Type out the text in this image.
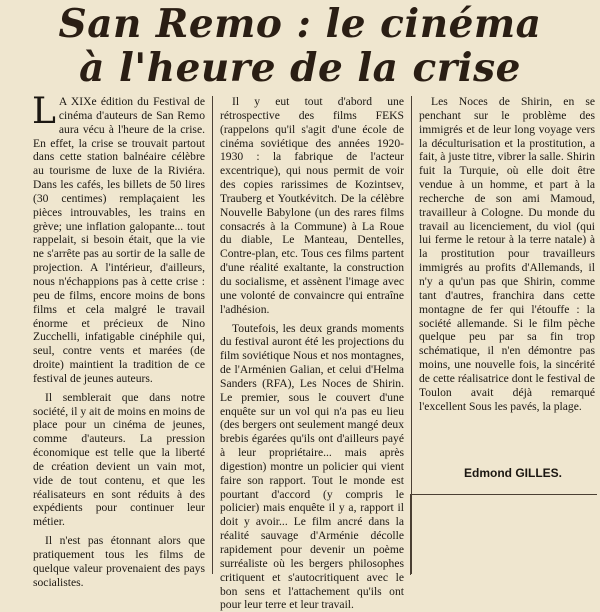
San Remo : le cinéma
à l'heure de la crise

L A XIXe édition du Festival de cinéma d'auteurs de San Remo aura vécu à l'heure de la crise. En effet, la crise se trouvait partout dans cette station balnéaire célèbre au tourisme de luxe de la Riviéra. Dans les cafés, les billets de 50 lires (30 centimes) remplaçaient les pièces introuvables, les trains en grève; une inflation galopante... tout rappelait, si besoin était, que la vie ne s'arrête pas au sortir de la salle de projection. A l'intérieur, d'ailleurs, nous n'échappions pas à cette crise : peu de films, encore moins de bons films et cela malgré le travail énorme et précieux de Nino Zucchelli, infatigable cinéphile qui, seul, contre vents et marées (de droite) maintient la tradition de ce festival de jeunes auteurs.

Il semblerait que dans notre société, il y ait de moins en moins de place pour un cinéma de jeunes, comme d'auteurs. La pression économique est telle que la liberté de création devient un vain mot, vide de tout contenu, et que les réalisateurs en sont réduits à des expédients pour continuer leur métier.

Il n'est pas étonnant alors que pratiquement tous les films de quelque valeur provenaient des pays socialistes.

Il y eut tout d'abord une rétrospective des films FEKS (rappelons qu'il s'agit d'une école de cinéma soviétique des années 1920-1930 : la fabrique de l'acteur excentrique), qui nous permit de voir des copies rarissimes de Kozintsev, Trauberg et Youtkévitch. De la célèbre Nouvelle Babylone (un des rares films consacrés à la Commune) à La Roue du diable, Le Manteau, Dentelles, Contre-plan, etc. Tous ces films partent d'une réalité exaltante, la construction du socialisme, et assènent l'image avec une volonté de convaincre qui entraîne l'adhésion.

Toutefois, les deux grands moments du festival auront été les projections du film soviétique Nous et nos montagnes, de l'Arménien Galian, et celui d'Helma Sanders (RFA), Les Noces de Shirin. Le premier, sous le couvert d'une enquête sur un vol qui n'a pas eu lieu (des bergers ont seulement mangé deux brebis égarées qu'ils ont d'ailleurs payé à leur propriétaire... mais après digestion) montre un policier qui vient faire son rapport. Tout le monde est pourtant d'accord (y compris le policier) mais enquête il y a, rapport il doit y avoir... Le film ancré dans la réalité sauvage d'Arménie décolle rapidement pour devenir un poème surréaliste où les bergers philosophes critiquent et s'autocritiquent avec le bon sens et l'attachement qu'ils ont pour leur terre et leur travail.

Les Noces de Shirin, en se penchant sur le problème des immigrés et de leur long voyage vers la déculturisation et la prostitution, a fait, à juste titre, vibrer la salle. Shirin fuit la Turquie, où elle doit être vendue à un homme, et part à la recherche de son ami Mamoud, travailleur à Cologne. Du monde du travail au licenciement, du viol (qui lui ferme le retour à la terre natale) à la prostitution pour travailleurs immigrés au profits d'Allemands, il n'y a qu'un pas que Shirin, comme tant d'autres, franchira dans cette montagne de fer qui l'étouffe : la société allemande. Si le film pèche quelque peu par sa fin trop schématique, il n'en démontre pas moins, une nouvelle fois, la sincérité de cette réalisatrice dont le festival de Toulon avait déjà remarqué l'excellent Sous les pavés, la plage.

Edmond GILLES.
